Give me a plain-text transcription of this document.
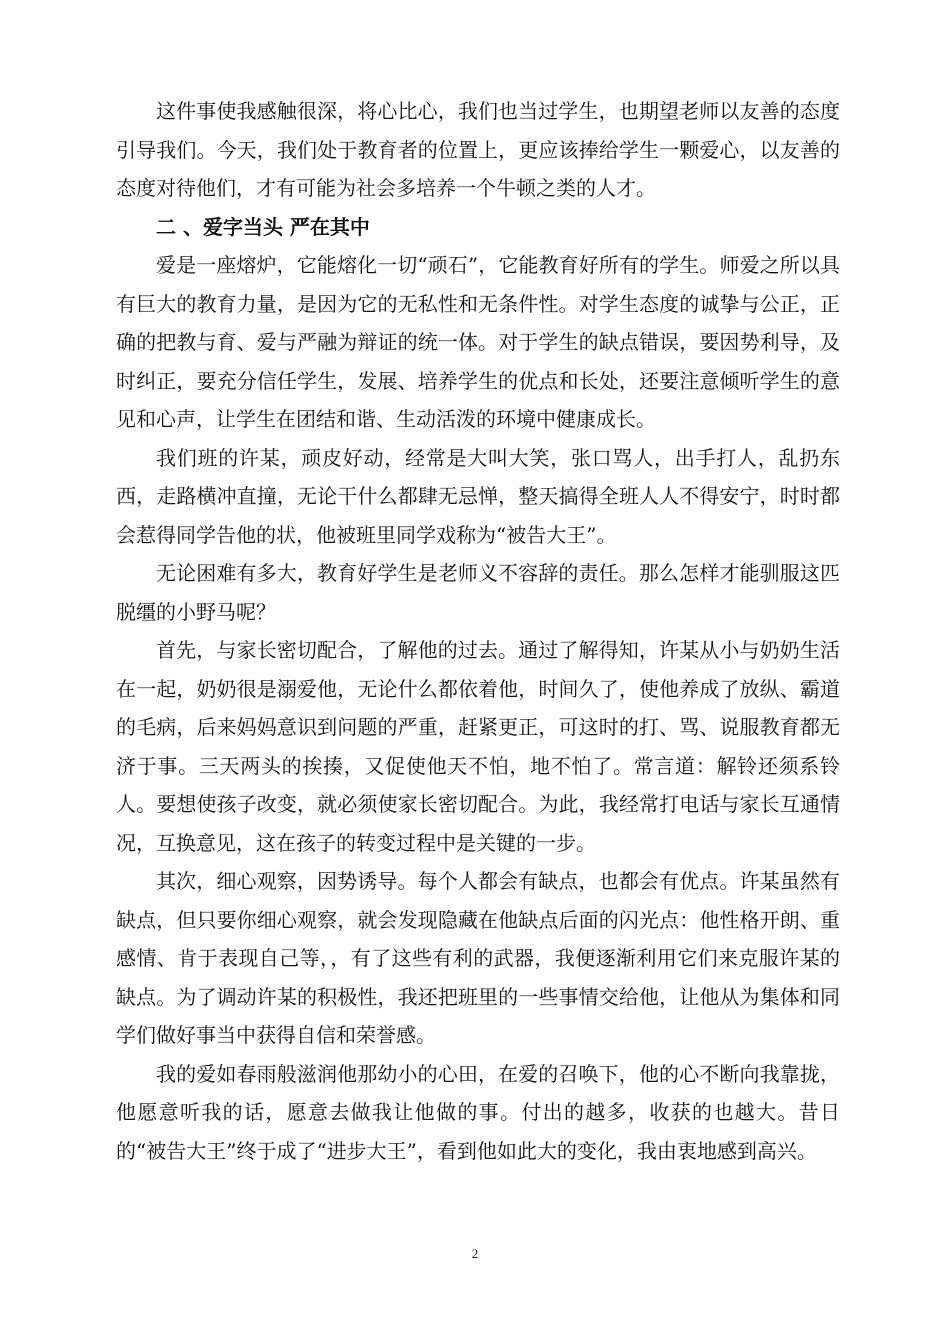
这件事使我感触很深，将心比心，我们也当过学生，也期望老师以友善的态度引导我们。今天，我们处于教育者的位置上，更应该捧给学生一颗爱心，以友善的态度对待他们，才有可能为社会多培养一个牛顿之类的人才。

二 、爱字当头 严在其中

爱是一座熔炉，它能熔化一切“顽石”，它能教育好所有的学生。师爱之所以具有巨大的教育力量，是因为它的无私性和无条件性。对学生态度的诚挚与公正，正确的把教与育、爱与严融为辩证的统一体。对于学生的缺点错误，要因势利导，及时纠正，要充分信任学生，发展、培养学生的优点和长处，还要注意倾听学生的意见和心声，让学生在团结和谐、生动活泼的环境中健康成长。

我们班的许某，顽皮好动，经常是大叫大笑，张口骂人，出手打人，乱扔东西，走路横冲直撞，无论干什么都肆无忌惮，整天搞得全班人人不得安宁，时时都会惹得同学告他的状，他被班里同学戏称为“被告大王”。

无论困难有多大，教育好学生是老师义不容辞的责任。那么怎样才能驯服这匹脱缰的小野马呢？

首先，与家长密切配合，了解他的过去。通过了解得知，许某从小与奶奶生活在一起，奶奶很是溺爱他，无论什么都依着他，时间久了，使他养成了放纵、霸道的毛病，后来妈妈意识到问题的严重，赶紧更正，可这时的打、骂、说服教育都无济于事。三天两头的挨揍，又促使他天不怕，地不怕了。常言道：解铃还须系铃人。要想使孩子改变，就必须使家长密切配合。为此，我经常打电话与家长互通情况，互换意见，这在孩子的转变过程中是关键的一步。

其次，细心观察，因势诱导。每个人都会有缺点，也都会有优点。许某虽然有缺点，但只要你细心观察，就会发现隐藏在他缺点后面的闪光点：他性格开朗、重感情、肯于表现自己等，，有了这些有利的武器，我便逐渐利用它们来克服许某的缺点。为了调动许某的积极性，我还把班里的一些事情交给他，让他从为集体和同学们做好事当中获得自信和荣誉感。

我的爱如春雨般滋润他那幼小的心田，在爱的召唤下，他的心不断向我靠拢，他愿意听我的话，愿意去做我让他做的事。付出的越多，收获的也越大。昔日的“被告大王”终于成了“进步大王”，看到他如此大的变化，我由衷地感到高兴。

2
